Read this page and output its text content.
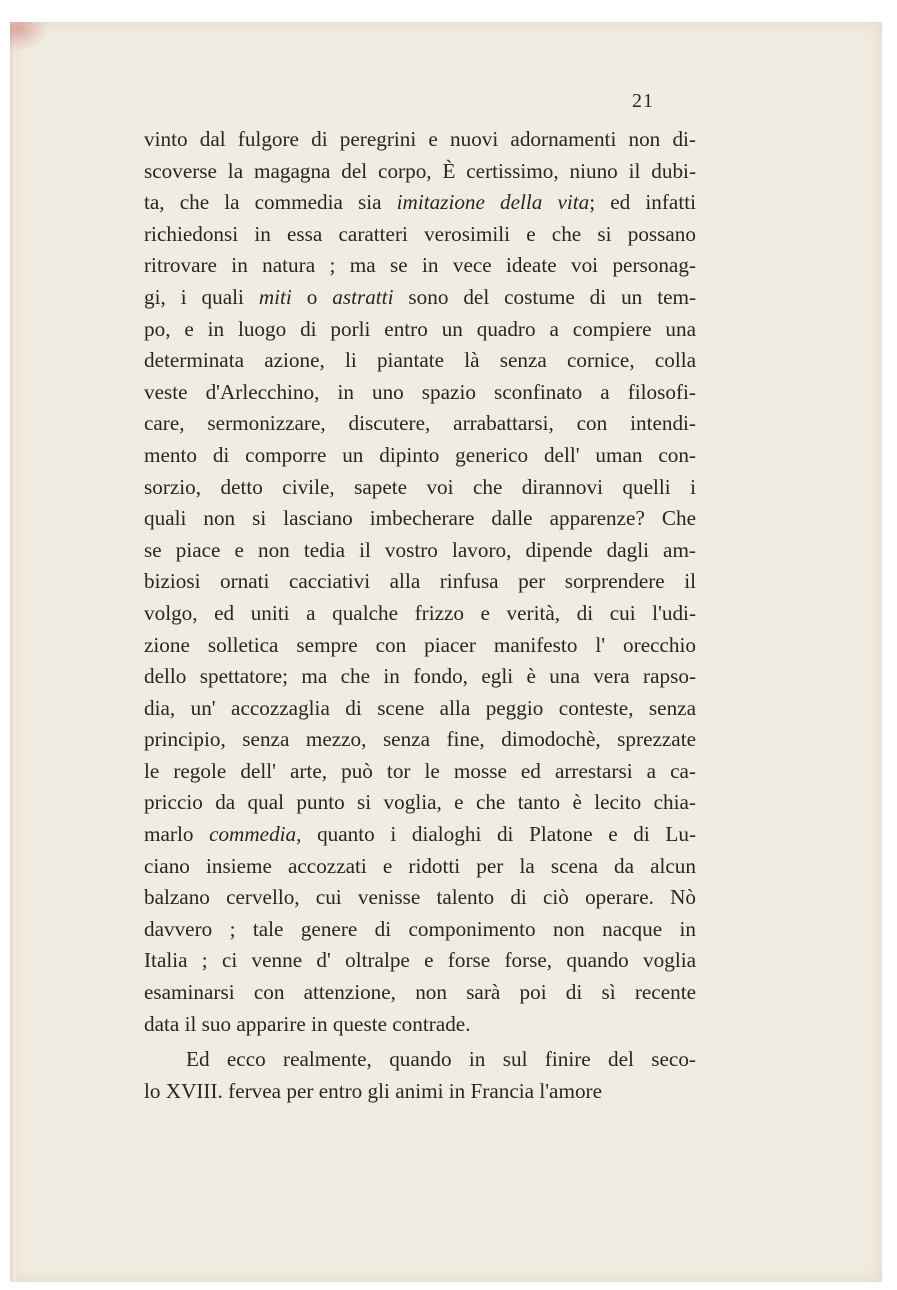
21
vinto dal fulgore di peregrini e nuovi adornamenti non di-
scoverse la magagna del corpo, È certissimo, niuno il dubi-
ta, che la commedia sia imitazione della vita; ed infatti
richiedonsi in essa caratteri verosimili e che si possano
ritrovare in natura ; ma se in vece ideate voi personag-
gi, i quali miti o astratti sono del costume di un tem-
po, e in luogo di porli entro un quadro a compiere una
determinata azione, li piantate là senza cornice, colla
veste d'Arlecchino, in uno spazio sconfinato a filosofi-
care, sermonizzare, discutere, arrabattarsi, con intendi-
mento di comporre un dipinto generico dell' uman con-
sorzio, detto civile, sapete voi che dirannovi quelli i
quali non si lasciano imbecherare dalle apparenze? Che
se piace e non tedia il vostro lavoro, dipende dagli am-
biziosi ornati cacciativi alla rinfusa per sorprendere il
volgo, ed uniti a qualche frizzo e verità, di cui l'udi-
zione solletica sempre con piacer manifesto l' orecchio
dello spettatore; ma che in fondo, egli è una vera rapso-
dia, un' accozzaglia di scene alla peggio conteste, senza
principio, senza mezzo, senza fine, dimodochè, sprezzate
le regole dell' arte, può tor le mosse ed arrestarsi a ca-
priccio da qual punto si voglia, e che tanto è lecito chia-
marlo commedia, quanto i dialoghi di Platone e di Lu-
ciano insieme accozzati e ridotti per la scena da alcun
balzano cervello, cui venisse talento di ciò operare. Nò
davvero ; tale genere di componimento non nacque in
Italia ; ci venne d' oltralpe e forse forse, quando voglia
esaminarsi con attenzione, non sarà poi di sì recente
data il suo apparire in queste contrade.
Ed ecco realmente, quando in sul finire del seco-
lo XVIII. fervea per entro gli animi in Francia l'amore
